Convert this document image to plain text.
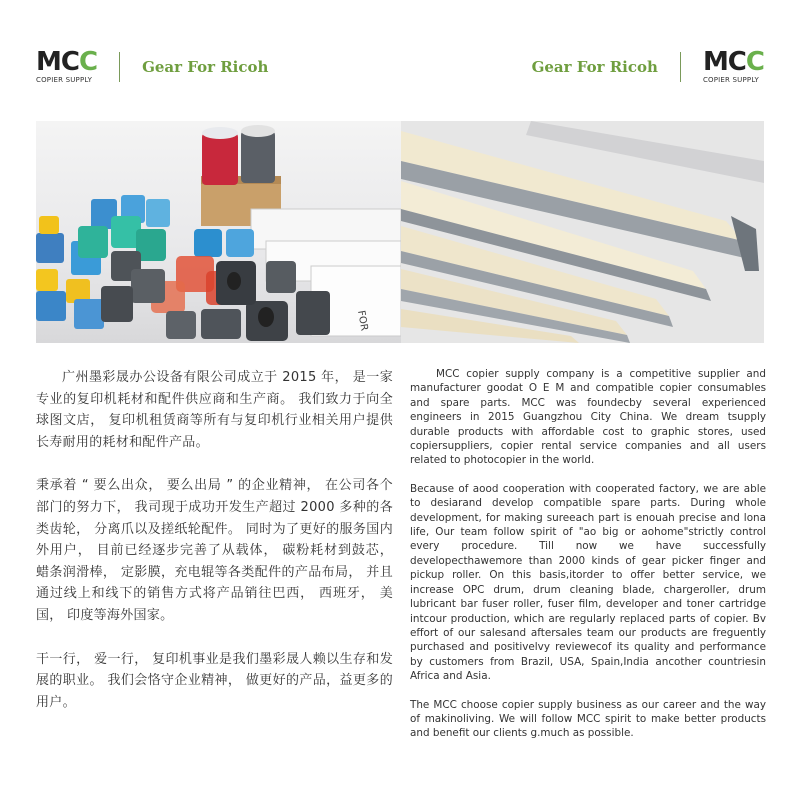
MCC
COPIER SUPPLY
Gear For Ricoh	Gear For Ricoh MCC
COPIER SUPPLY
FOR

广州墨彩晟办公设备有限公司成立于 2015 年， 是一家专业的复印机耗材和配件供应商和生产商。 我们致力于向全球图文店， 复印机租赁商等所有与复印机行业相关用户提供长寿耐用的耗材和配件产品。

秉承着 “ 要么出众， 要么出局 ” 的企业精神， 在公司各个部门的努力下， 我司现于成功开发生产超过 2000 多种的各类齿轮， 分离爪以及搓纸轮配件。 同时为了更好的服务国内外用户， 目前已经逐步完善了从载体， 碳粉耗材到鼓芯， 蜡条润滑棒， 定影膜，充电辊等各类配件的产品布局， 并且通过线上和线下的销售方式将产品销往巴西， 西班牙， 美国， 印度等海外国家。

干一行， 爱一行， 复印机事业是我们墨彩晟人赖以生存和发展的职业。 我们会恪守企业精神， 做更好的产品，益更多的用户。

MCC copier supply company is a competitive supplier and manufacturer goodat O E M and compatible copier consumables and spare parts. MCC was foundecby several experienced engineers in 2015 Guangzhou City China. We dream tsupply durable products with affordable cost to graphic stores, used copiersuppliers, copier rental service companies and all users related to photocopier in the world.

Because of aood cooperation with cooperated factory, we are able to desiarand develop compatible spare parts. During whole development, for making sureeach part is enouah precise and lona life, Our team follow spirit of "ao big or aohome"strictly control every procedure. Till now we have successfully developecthawemore than 2000 kinds of gear picker finger and pickup roller. On this basis,itorder to offer better service, we increase OPC drum, drum cleaning blade, chargeroller, drum lubricant bar fuser roller, fuser film, developer and toner cartridge intcour production, which are regularly replaced parts of copier. Bv effort of our salesand aftersales team our products are freguently purchased and positivelvy reviewecof its quality and performance by customers from Brazil, USA, Spain,India ancother countriesin Africa and Asia.

The MCC choose copier supply business as our career and the way of makinoliving. We will follow MCC spirit to make better products and benefit our clients g.much as possible.
